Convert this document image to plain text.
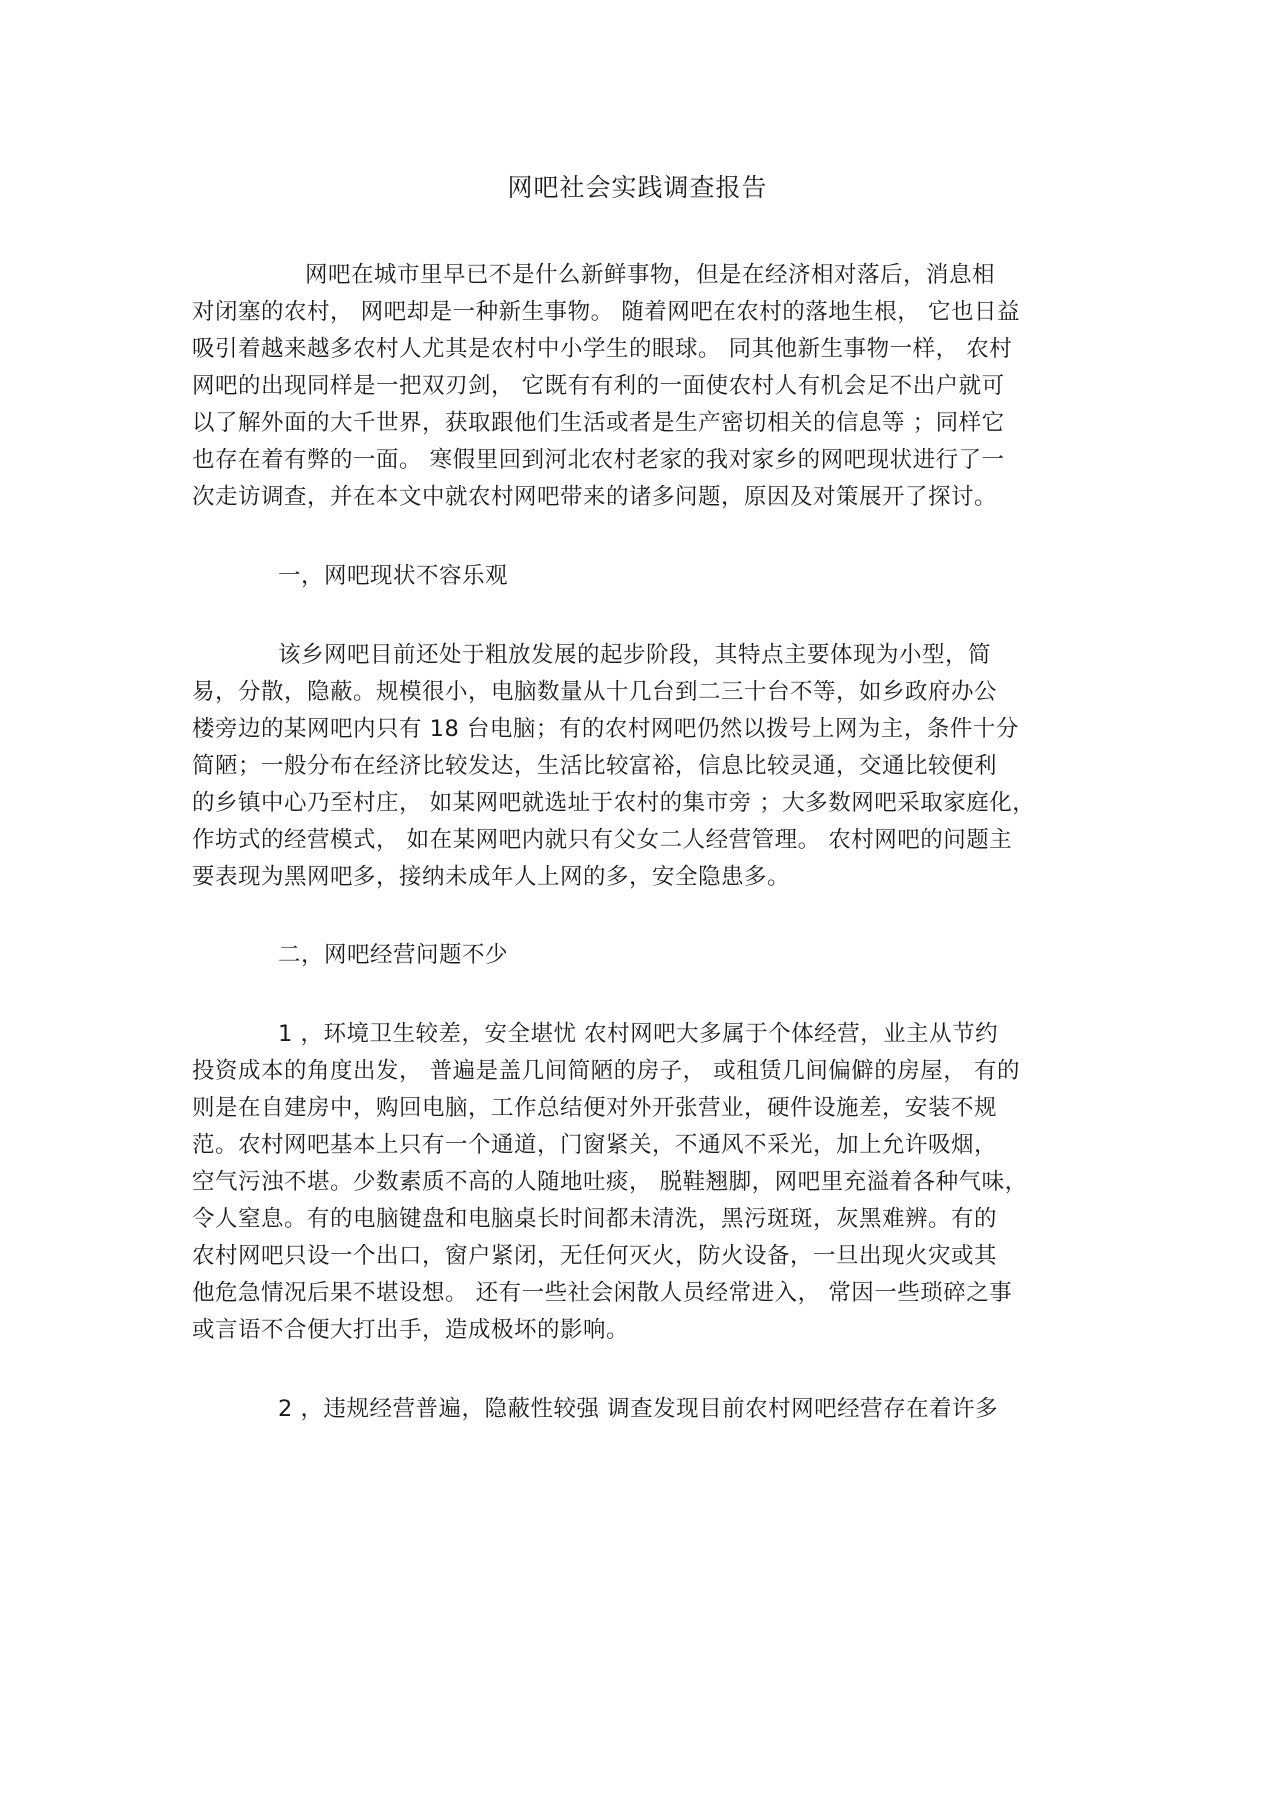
网吧社会实践调查报告
网吧在城市里早已不是什么新鲜事物，但是在经济相对落后，消息相
对闭塞的农村， 网吧却是一种新生事物。 随着网吧在农村的落地生根， 它也日益
吸引着越来越多农村人尤其是农村中小学生的眼球。 同其他新生事物一样， 农村
网吧的出现同样是一把双刃剑， 它既有有利的一面使农村人有机会足不出户就可
以了解外面的大千世界，获取跟他们生活或者是生产密切相关的信息等 ；同样它
也存在着有弊的一面。 寒假里回到河北农村老家的我对家乡的网吧现状进行了一
次走访调查，并在本文中就农村网吧带来的诸多问题，原因及对策展开了探讨。
一，网吧现状不容乐观
该乡网吧目前还处于粗放发展的起步阶段，其特点主要体现为小型，简
易，分散，隐蔽。规模很小，电脑数量从十几台到二三十台不等，如乡政府办公
楼旁边的某网吧内只有 18 台电脑；有的农村网吧仍然以拨号上网为主，条件十分
简陋；一般分布在经济比较发达，生活比较富裕，信息比较灵通，交通比较便利
的乡镇中心乃至村庄， 如某网吧就选址于农村的集市旁 ；大多数网吧采取家庭化，
作坊式的经营模式， 如在某网吧内就只有父女二人经营管理。 农村网吧的问题主
要表现为黑网吧多，接纳未成年人上网的多，安全隐患多。
二，网吧经营问题不少
1 ，环境卫生较差，安全堪忧 农村网吧大多属于个体经营，业主从节约
投资成本的角度出发， 普遍是盖几间简陋的房子， 或租赁几间偏僻的房屋， 有的
则是在自建房中，购回电脑，工作总结便对外开张营业，硬件设施差，安装不规
范。农村网吧基本上只有一个通道，门窗紧关，不通风不采光，加上允许吸烟，
空气污浊不堪。少数素质不高的人随地吐痰， 脱鞋翘脚，网吧里充溢着各种气味，
令人窒息。有的电脑键盘和电脑桌长时间都未清洗，黑污斑斑，灰黑难辨。有的
农村网吧只设一个出口，窗户紧闭，无任何灭火，防火设备，一旦出现火灾或其
他危急情况后果不堪设想。 还有一些社会闲散人员经常进入， 常因一些琐碎之事
或言语不合便大打出手，造成极坏的影响。
2 ，违规经营普遍，隐蔽性较强 调查发现目前农村网吧经营存在着许多
